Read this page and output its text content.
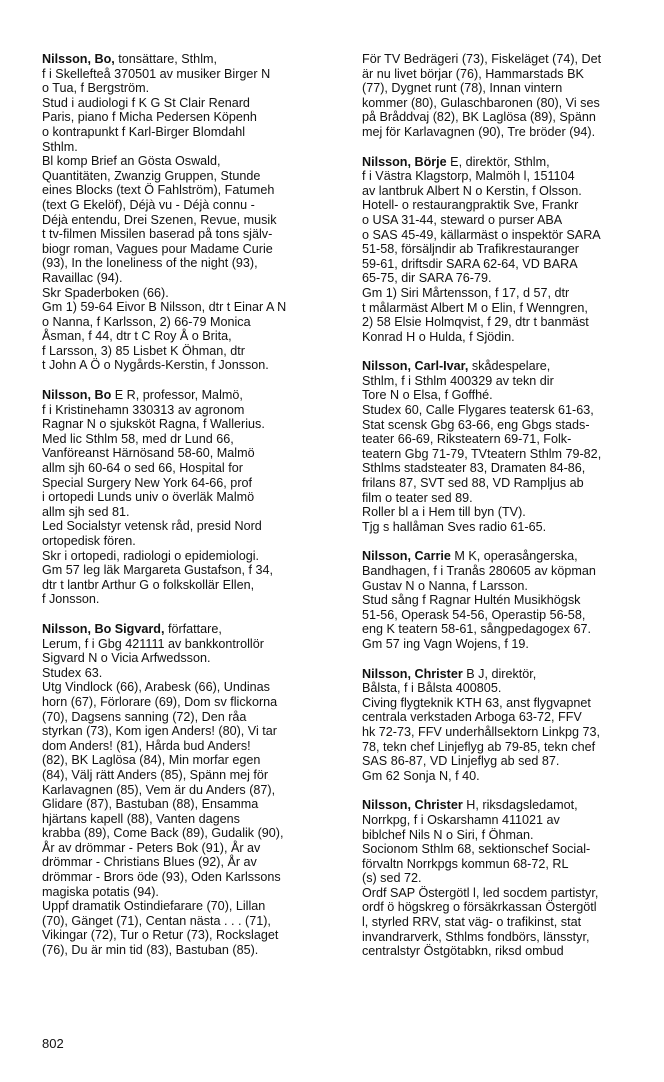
Nilsson, Bo, tonsättare, Sthlm,
f i Skellefteå 370501 av musiker Birger N
o Tua, f Bergström.
Stud i audiologi f K G St Clair Renard
Paris, piano f Micha Pedersen Köpenh
o kontrapunkt f Karl-Birger Blomdahl
Sthlm.
Bl komp Brief an Gösta Oswald,
Quantitäten, Zwanzig Gruppen, Stunde
eines Blocks (text Ö Fahlström), Fatumeh
(text G Ekelöf), Déjà vu - Déjà connu -
Déjà entendu, Drei Szenen, Revue, musik
t tv-filmen Missilen baserad på tons själv-
biogr roman, Vagues pour Madame Curie
(93), In the loneliness of the night (93),
Ravaillac (94).
Skr Spaderboken (66).
Gm 1) 59-64 Eivor B Nilsson, dtr t Einar A N
o Nanna, f Karlsson, 2) 66-79 Monica
Åsman, f 44, dtr t C Roy Å o Brita,
f Larsson, 3) 85 Lisbet K Öhman, dtr
t John A Ö o Nygårds-Kerstin, f Jonsson.
Nilsson, Bo E R, professor, Malmö,
f i Kristinehamn 330313 av agronom
Ragnar N o sjuksköt Ragna, f Wallerius.
Med lic Sthlm 58, med dr Lund 66,
Vanföreanst Härnösand 58-60, Malmö
allm sjh 60-64 o sed 66, Hospital for
Special Surgery New York 64-66, prof
i ortopedi Lunds univ o överläk Malmö
allm sjh sed 81.
Led Socialstyr vetensk råd, presid Nord
ortopedisk fören.
Skr i ortopedi, radiologi o epidemiologi.
Gm 57 leg läk Margareta Gustafson, f 34,
dtr t lantbr Arthur G o folkskollär Ellen,
f Jonsson.
Nilsson, Bo Sigvard, författare,
Lerum, f i Gbg 421111 av bankkontrollör
Sigvard N o Vicia Arfwedsson.
Studex 63.
Utg Vindlock (66), Arabesk (66), Undinas
horn (67), Förlorare (69), Dom sv flickorna
(70), Dagsens sanning (72), Den råa
styrkan (73), Kom igen Anders! (80), Vi tar
dom Anders! (81), Hårda bud Anders!
(82), BK Laglösa (84), Min morfar egen
(84), Välj rätt Anders (85), Spänn mej för
Karlavagnen (85), Vem är du Anders (87),
Glidare (87), Bastuban (88), Ensamma
hjärtans kapell (88), Vanten dagens
krabba (89), Come Back (89), Gudalik (90),
År av drömmar - Peters Bok (91), År av
drömmar - Christians Blues (92), År av
drömmar - Brors öde (93), Oden Karlssons
magiska potatis (94).
Uppf dramatik Ostindiefarare (70), Lillan
(70), Gänget (71), Centan nästa . . . (71),
Vikingar (72), Tur o Retur (73), Rockslaget
(76), Du är min tid (83), Bastuban (85).
För TV Bedrägeri (73), Fiskeläget (74), Det
är nu livet börjar (76), Hammarstads BK
(77), Dygnet runt (78), Innan vintern
kommer (80), Gulaschbaronen (80), Vi ses
på Bråddvaj (82), BK Laglösa (89), Spänn
mej för Karlavagnen (90), Tre bröder (94).
Nilsson, Börje E, direktör, Sthlm,
f i Västra Klagstorp, Malmöh l, 151104
av lantbruk Albert N o Kerstin, f Olsson.
Hotell- o restaurangpraktik Sve, Frankr
o USA 31-44, steward o purser ABA
o SAS 45-49, källarmäst o inspektör SARA
51-58, försäljndir ab Trafikrestauranger
59-61, driftsdir SARA 62-64, VD BARA
65-75, dir SARA 76-79.
Gm 1) Siri Mårtensson, f 17, d 57, dtr
t målarmäst Albert M o Elin, f Wenngren,
2) 58 Elsie Holmqvist, f 29, dtr t banmäst
Konrad H o Hulda, f Sjödin.
Nilsson, Carl-Ivar, skådespelare,
Sthlm, f i Sthlm 400329 av tekn dir
Tore N o Elsa, f Goffhé.
Studex 60, Calle Flygares teatersk 61-63,
Stat scensk Gbg 63-66, eng Gbgs stads-
teater 66-69, Riksteatern 69-71, Folk-
teatern Gbg 71-79, TVteatern Sthlm 79-82,
Sthlms stadsteater 83, Dramaten 84-86,
frilans 87, SVT sed 88, VD Rampljus ab
film o teater sed 89.
Roller bl a i Hem till byn (TV).
Tjg s hallåman Sves radio 61-65.
Nilsson, Carrie M K, operasångerska,
Bandhagen, f i Tranås 280605 av köpman
Gustav N o Nanna, f Larsson.
Stud sång f Ragnar Hultén Musikhögsk
51-56, Operask 54-56, Operastip 56-58,
eng K teatern 58-61, sångpedagogex 67.
Gm 57 ing Vagn Wojens, f 19.
Nilsson, Christer B J, direktör,
Bålsta, f i Bålsta 400805.
Civing flygteknik KTH 63, anst flygvapnet
centrala verkstaden Arboga 63-72, FFV
hk 72-73, FFV underhållsektorn Linkpg 73,
78, tekn chef Linjeflyg ab 79-85, tekn chef
SAS 86-87, VD Linjeflyg ab sed 87.
Gm 62 Sonja N, f 40.
Nilsson, Christer H, riksdagsledamot,
Norrkpg, f i Oskarshamn 411021 av
biblchef Nils N o Siri, f Öhman.
Socionom Sthlm 68, sektionschef Social-
förvaltn Norrkpgs kommun 68-72, RL
(s) sed 72.
Ordf SAP Östergötl l, led socdem partistyr,
ordf ö högskreg o försäkrkassan Östergötl
l, styrled RRV, stat väg- o trafikinst, stat
invandrarverk, Sthlms fondbörs, länsstyr,
centralstyr Östgötabkn, riksd ombud
802
